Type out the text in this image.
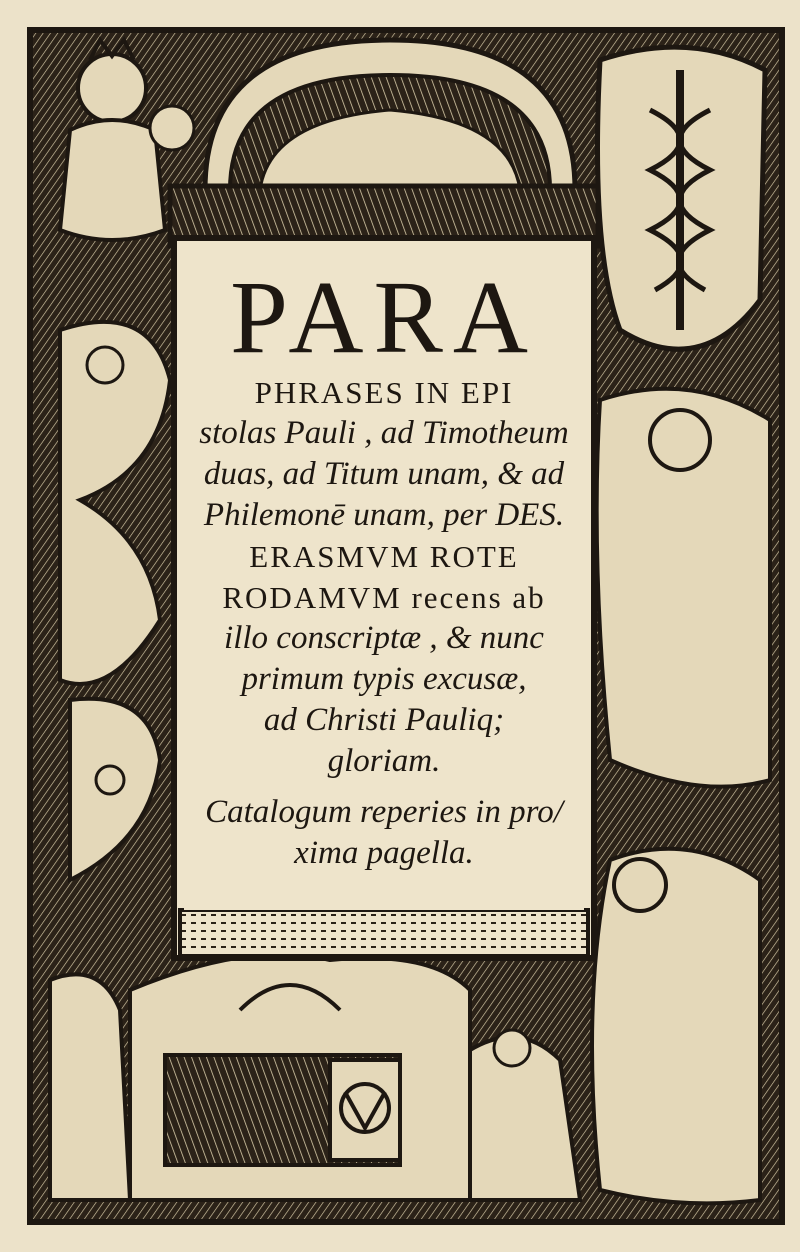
PARA
PHRASES IN EPI
stolas Pauli , ad Timotheum
duas, ad Titum unam, & ad
Philemonē unam, per DES.
ERASMVM ROTE
RODAMVM recens ab
illo conscriptæ , & nunc
primum typis excusæ,
ad Christi Pauliq;
gloriam.
Catalogum reperies in pro/
xima pagella.
